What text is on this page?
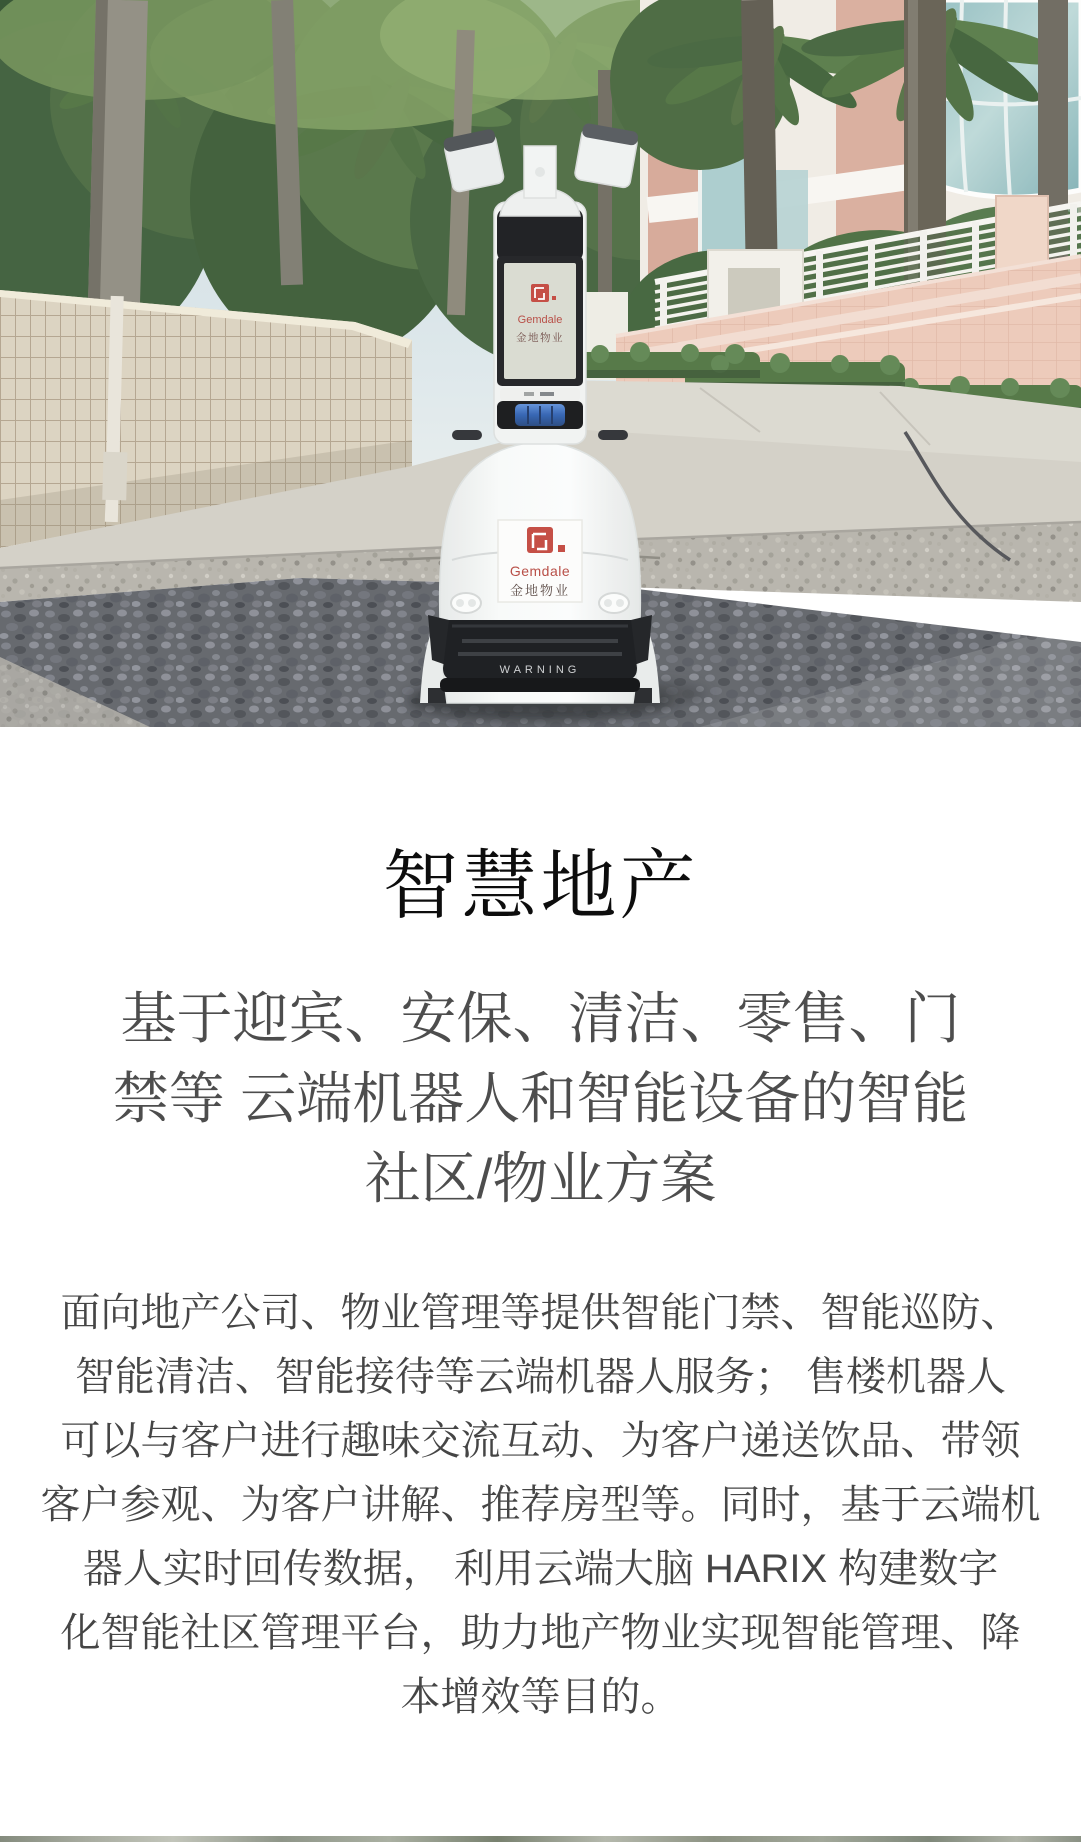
Gemdale
金地物业
WARNING
Gemdale
金地物业
智慧地产
基于迎宾、安保、清洁、零售、门
禁等 云端机器人和智能设备的智能
社区/物业方案
面向地产公司、物业管理等提供智能门禁、智能巡防、
智能清洁、智能接待等云端机器人服务； 售楼机器人
可以与客户进行趣味交流互动、为客户递送饮品、带领
客户参观、为客户讲解、推荐房型等。同时，基于云端机
器人实时回传数据， 利用云端大脑 HARIX 构建数字
化智能社区管理平台，助力地产物业实现智能管理、降
本增效等目的。
